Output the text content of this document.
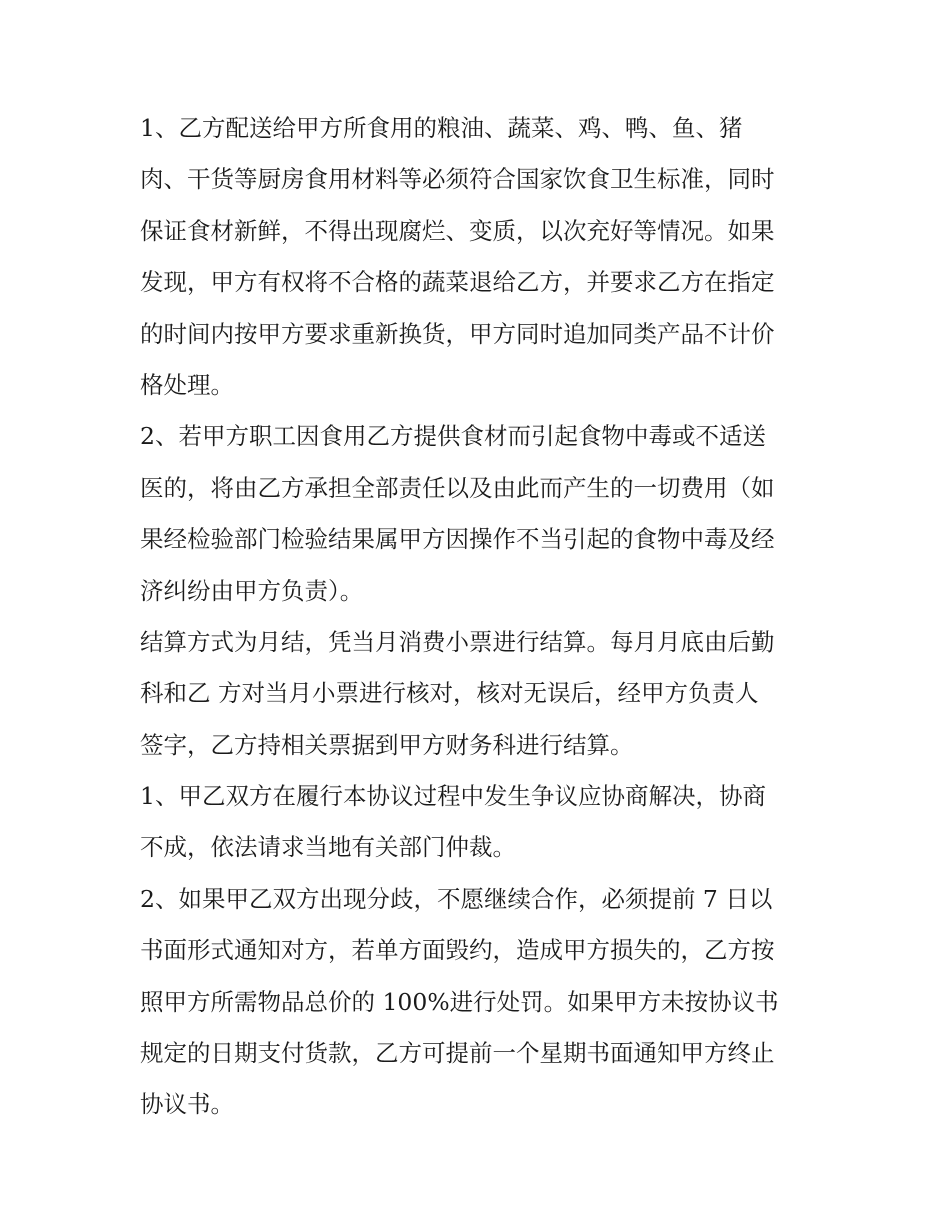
1、乙方配送给甲方所食用的粮油、蔬菜、鸡、鸭、鱼、猪
肉、干货等厨房食用材料等必须符合国家饮食卫生标准，同时
保证食材新鲜，不得出现腐烂、变质，以次充好等情况。如果
发现，甲方有权将不合格的蔬菜退给乙方，并要求乙方在指定
的时间内按甲方要求重新换货，甲方同时追加同类产品不计价
格处理。
2、若甲方职工因食用乙方提供食材而引起食物中毒或不适送
医的，将由乙方承担全部责任以及由此而产生的一切费用（如
果经检验部门检验结果属甲方因操作不当引起的食物中毒及经
济纠纷由甲方负责）。
结算方式为月结，凭当月消费小票进行结算。每月月底由后勤
科和乙 方对当月小票进行核对，核对无误后，经甲方负责人
签字，乙方持相关票据到甲方财务科进行结算。
1、甲乙双方在履行本协议过程中发生争议应协商解决，协商
不成，依法请求当地有关部门仲裁。
2、如果甲乙双方出现分歧，不愿继续合作，必须提前 7 日以
书面形式通知对方，若单方面毁约，造成甲方损失的，乙方按
照甲方所需物品总价的 100%进行处罚。如果甲方未按协议书
规定的日期支付货款，乙方可提前一个星期书面通知甲方终止
协议书。
